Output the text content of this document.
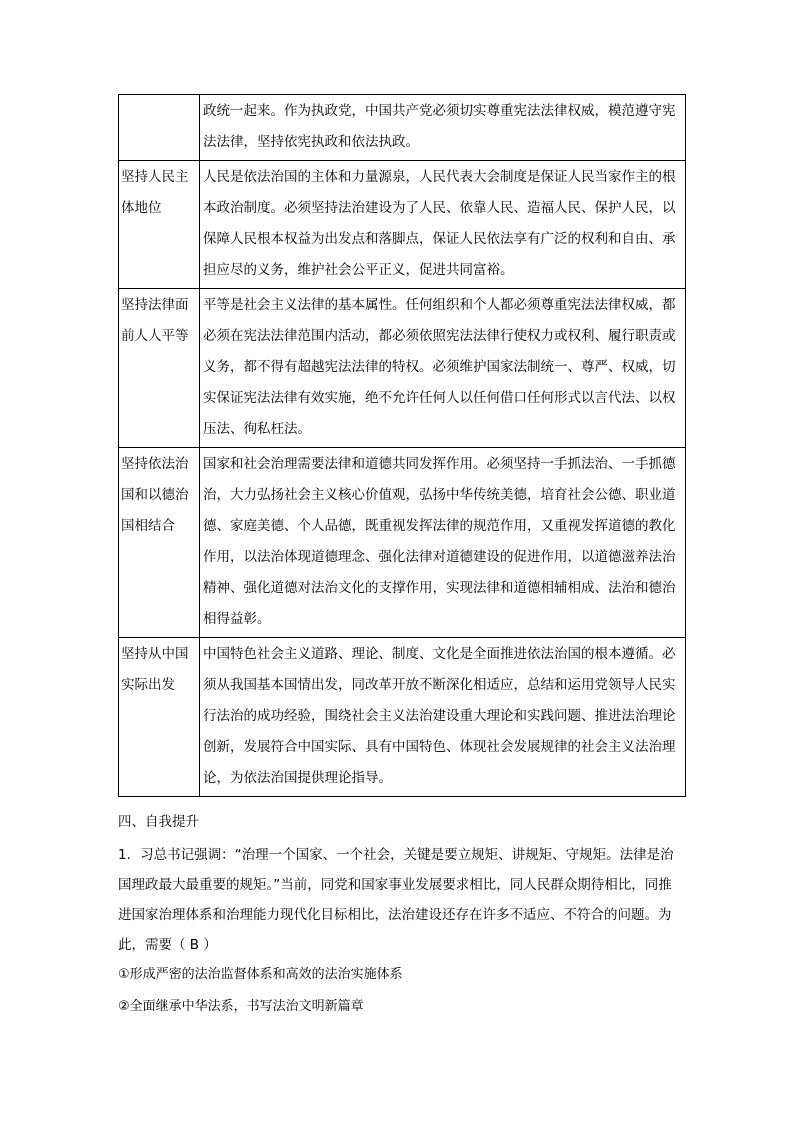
	政统一起来。作为执政党，中国共产党必须切实尊重宪法法律权威，模范遵守宪法法律，坚持依宪执政和依法执政。

坚持人民主体地位	人民是依法治国的主体和力量源泉，人民代表大会制度是保证人民当家作主的根本政治制度。必须坚持法治建设为了人民、依靠人民、造福人民、保护人民，以保障人民根本权益为出发点和落脚点，保证人民依法享有广泛的权利和自由、承担应尽的义务，维护社会公平正义，促进共同富裕。

坚持法律面前人人平等	平等是社会主义法律的基本属性。任何组织和个人都必须尊重宪法法律权威，都必须在宪法法律范围内活动，都必须依照宪法法律行使权力或权利、履行职责或义务，都不得有超越宪法法律的特权。必须维护国家法制统一、尊严、权威，切实保证宪法法律有效实施，绝不允许任何人以任何借口任何形式以言代法、以权压法、徇私枉法。

坚持依法治国和以德治国相结合	国家和社会治理需要法律和道德共同发挥作用。必须坚持一手抓法治、一手抓德治，大力弘扬社会主义核心价值观，弘扬中华传统美德，培育社会公德、职业道德、家庭美德、个人品德，既重视发挥法律的规范作用，又重视发挥道德的教化作用，以法治体现道德理念、强化法律对道德建设的促进作用，以道德滋养法治精神、强化道德对法治文化的支撑作用，实现法律和道德相辅相成、法治和德治相得益彰。

坚持从中国实际出发	中国特色社会主义道路、理论、制度、文化是全面推进依法治国的根本遵循。必须从我国基本国情出发，同改革开放不断深化相适应，总结和运用党领导人民实行法治的成功经验，围绕社会主义法治建设重大理论和实践问题、推进法治理论创新，发展符合中国实际、具有中国特色、体现社会发展规律的社会主义法治理论，为依法治国提供理论指导。
四、自我提升
1．习总书记强调：“治理一个国家、一个社会，关键是要立规矩、讲规矩、守规矩。法律是治国理政最大最重要的规矩。”当前，同党和国家事业发展要求相比，同人民群众期待相比，同推进国家治理体系和治理能力现代化目标相比，法治建设还存在许多不适应、不符合的问题。为此，需要（ B ）
①形成严密的法治监督体系和高效的法治实施体系
②全面继承中华法系，书写法治文明新篇章
